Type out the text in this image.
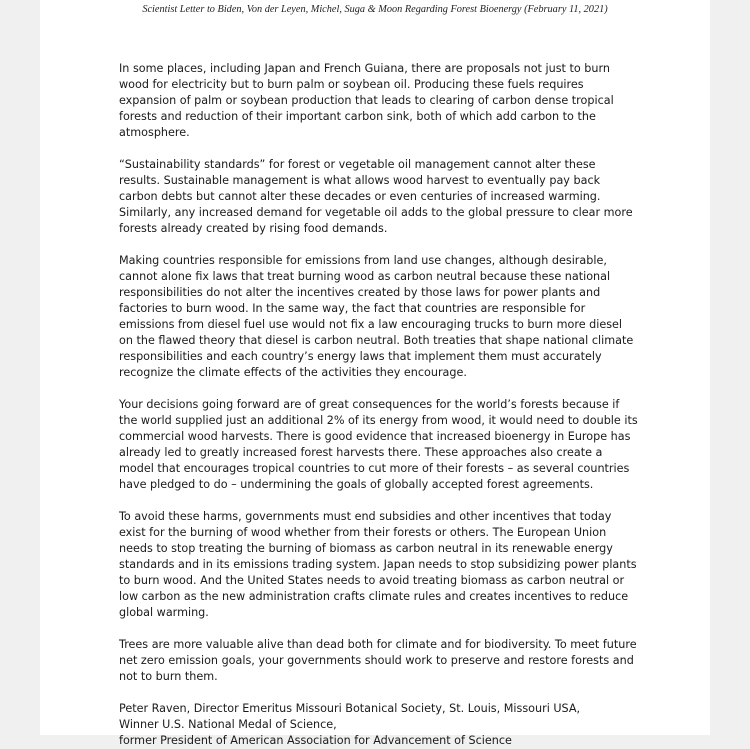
Scientist Letter to Biden, Von der Leyen, Michel, Suga & Moon Regarding Forest Bioenergy (February 11, 2021)

In some places, including Japan and French Guiana, there are proposals not just to burn wood for electricity but to burn palm or soybean oil. Producing these fuels requires expansion of palm or soybean production that leads to clearing of carbon dense tropical forests and reduction of their important carbon sink, both of which add carbon to the atmosphere.

“Sustainability standards” for forest or vegetable oil management cannot alter these results. Sustainable management is what allows wood harvest to eventually pay back carbon debts but cannot alter these decades or even centuries of increased warming. Similarly, any increased demand for vegetable oil adds to the global pressure to clear more forests already created by rising food demands.

Making countries responsible for emissions from land use changes, although desirable, cannot alone fix laws that treat burning wood as carbon neutral because these national responsibilities do not alter the incentives created by those laws for power plants and factories to burn wood. In the same way, the fact that countries are responsible for emissions from diesel fuel use would not fix a law encouraging trucks to burn more diesel on the flawed theory that diesel is carbon neutral. Both treaties that shape national climate responsibilities and each country’s energy laws that implement them must accurately recognize the climate effects of the activities they encourage.

Your decisions going forward are of great consequences for the world’s forests because if the world supplied just an additional 2% of its energy from wood, it would need to double its commercial wood harvests. There is good evidence that increased bioenergy in Europe has already led to greatly increased forest harvests there. These approaches also create a model that encourages tropical countries to cut more of their forests – as several countries have pledged to do – undermining the goals of globally accepted forest agreements.

To avoid these harms, governments must end subsidies and other incentives that today exist for the burning of wood whether from their forests or others. The European Union needs to stop treating the burning of biomass as carbon neutral in its renewable energy standards and in its emissions trading system. Japan needs to stop subsidizing power plants to burn wood. And the United States needs to avoid treating biomass as carbon neutral or low carbon as the new administration crafts climate rules and creates incentives to reduce global warming.

Trees are more valuable alive than dead both for climate and for biodiversity. To meet future net zero emission goals, your governments should work to preserve and restore forests and not to burn them.

Peter Raven, Director Emeritus Missouri Botanical Society, St. Louis, Missouri USA,
Winner U.S. National Medal of Science,
former President of American Association for Advancement of Science
